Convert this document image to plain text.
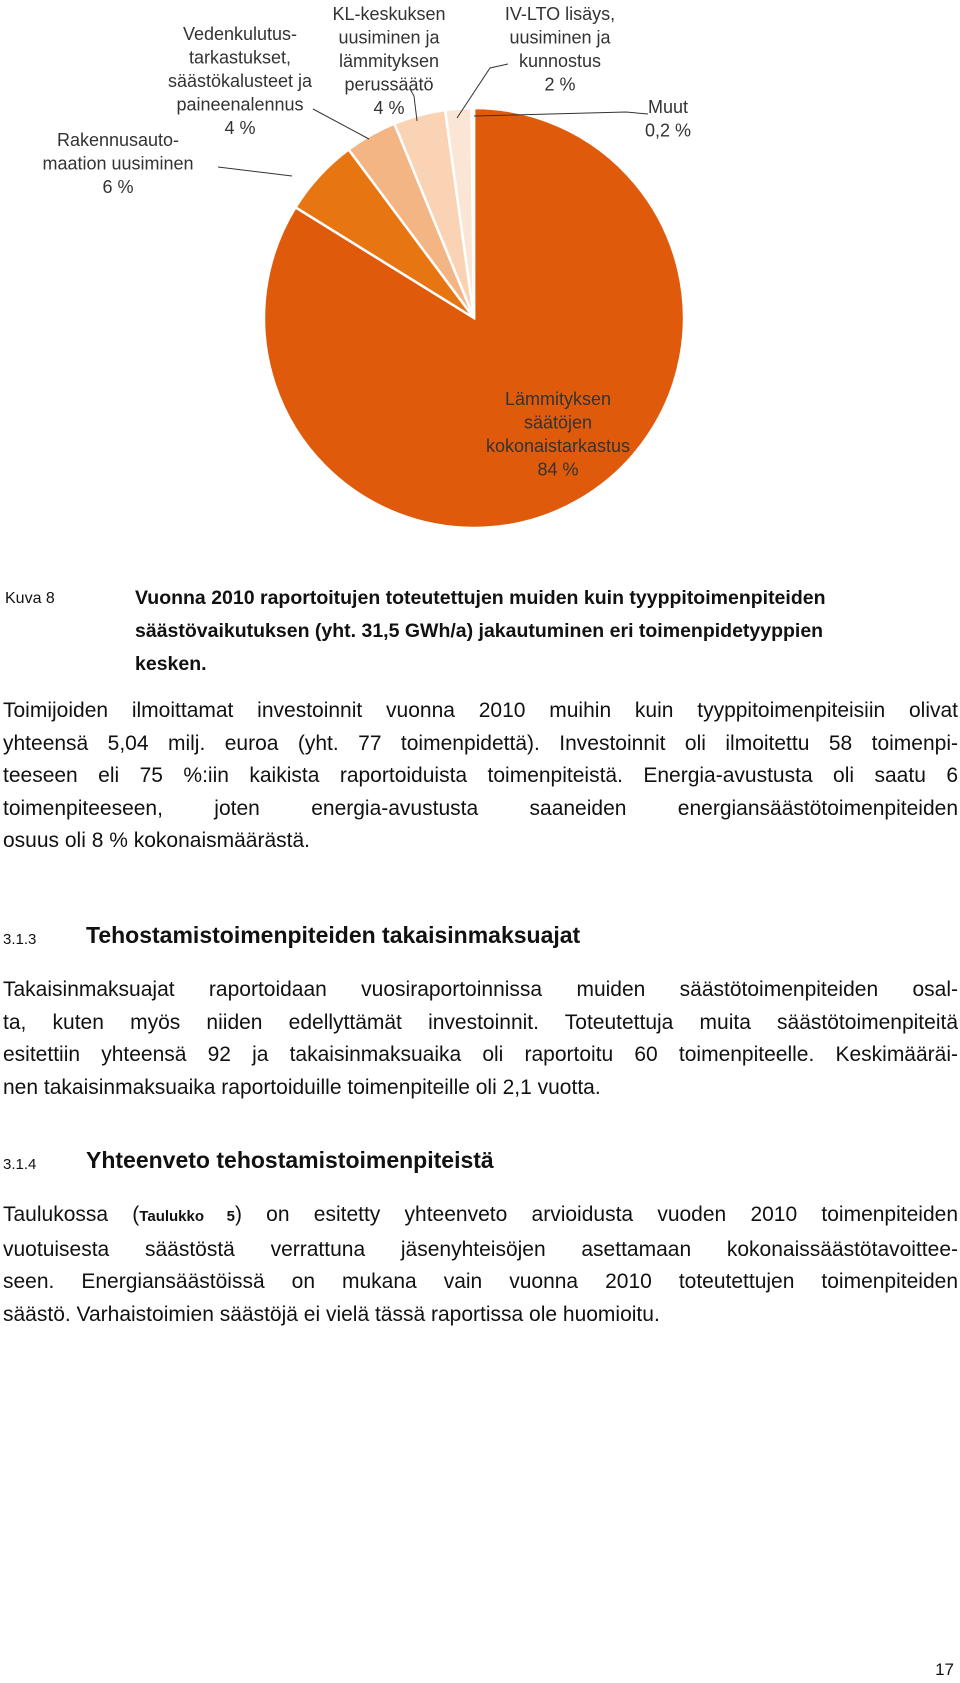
Lämmityksen säätöjen kokonaistarkastus 84 %
Rakennusauto-maation uusiminen 6 %
Vedenkulutus-tarkastukset, säästökalusteet ja paineenalennus 4 %
KL-keskuksen uusiminen ja lämmityksen perussäätö 4 %
IV-LTO lisäys, uusiminen ja kunnostus 2 %
Muut 0,2 %
Kuva 8	Vuonna 2010 raportoitujen toteutettujen muiden kuin tyyppitoimenpiteiden
säästövaikutuksen (yht. 31,5 GWh/a) jakautuminen eri toimenpidetyyppien
kesken.
Toimijoiden ilmoittamat investoinnit vuonna 2010 muihin kuin tyyppitoimenpiteisiin olivat
yhteensä 5,04 milj. euroa (yht. 77 toimenpidettä). Investoinnit oli ilmoitettu 58 toimenpi-
teeseen eli 75 %:iin kaikista raportoiduista toimenpiteistä. Energia-avustusta oli saatu 6
toimenpiteeseen, joten energia-avustusta saaneiden energiansäästötoimenpiteiden
osuus oli 8 % kokonaismäärästä.
3.1.3 Tehostamistoimenpiteiden takaisinmaksuajat
Takaisinmaksuajat raportoidaan vuosiraportoinnissa muiden säästötoimenpiteiden osal-
ta, kuten myös niiden edellyttämät investoinnit. Toteutettuja muita säästötoimenpiteitä
esitettiin yhteensä 92 ja takaisinmaksuaika oli raportoitu 60 toimenpiteelle. Keskimääräi-
nen takaisinmaksuaika raportoiduille toimenpiteille oli 2,1 vuotta.
3.1.4 Yhteenveto tehostamistoimenpiteistä
Taulukossa (Taulukko 5) on esitetty yhteenveto arvioidusta vuoden 2010 toimenpiteiden
vuotuisesta säästöstä verrattuna jäsenyhteisöjen asettamaan kokonaissäästötavoittee-
seen. Energiansäästöissä on mukana vain vuonna 2010 toteutettujen toimenpiteiden
säästö. Varhaistoimien säästöjä ei vielä tässä raportissa ole huomioitu.
17
